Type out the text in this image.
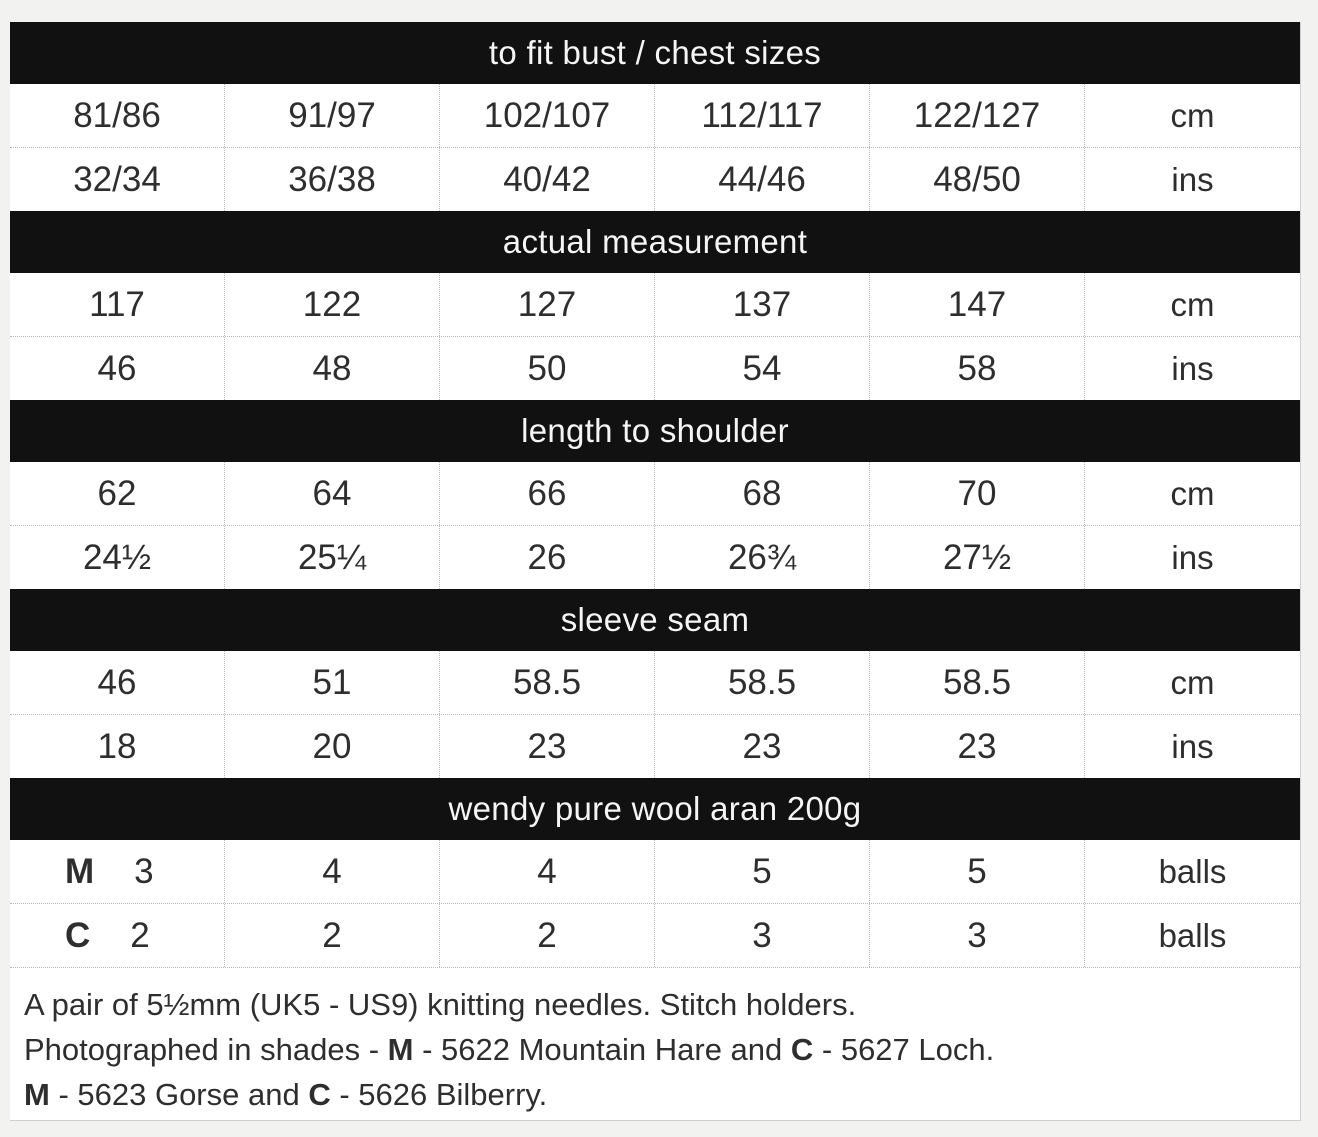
to fit bust / chest sizes
81/86	91/97	102/107	112/117	122/127	cm
32/34	36/38	40/42	44/46	48/50	ins
actual measurement
117	122	127	137	147	cm
46	48	50	54	58	ins
length to shoulder
62	64	66	68	70	cm
24½	25¼	26	26¾	27½	ins
sleeve seam
46	51	58.5	58.5	58.5	cm
18	20	23	23	23	ins
wendy pure wool aran 200g
M 3	4	4	5	5	balls
C 2	2	2	3	3	balls
A pair of 5½mm (UK5 - US9) knitting needles. Stitch holders.
Photographed in shades - M - 5622 Mountain Hare and C - 5627 Loch.
M - 5623 Gorse and C - 5626 Bilberry.
